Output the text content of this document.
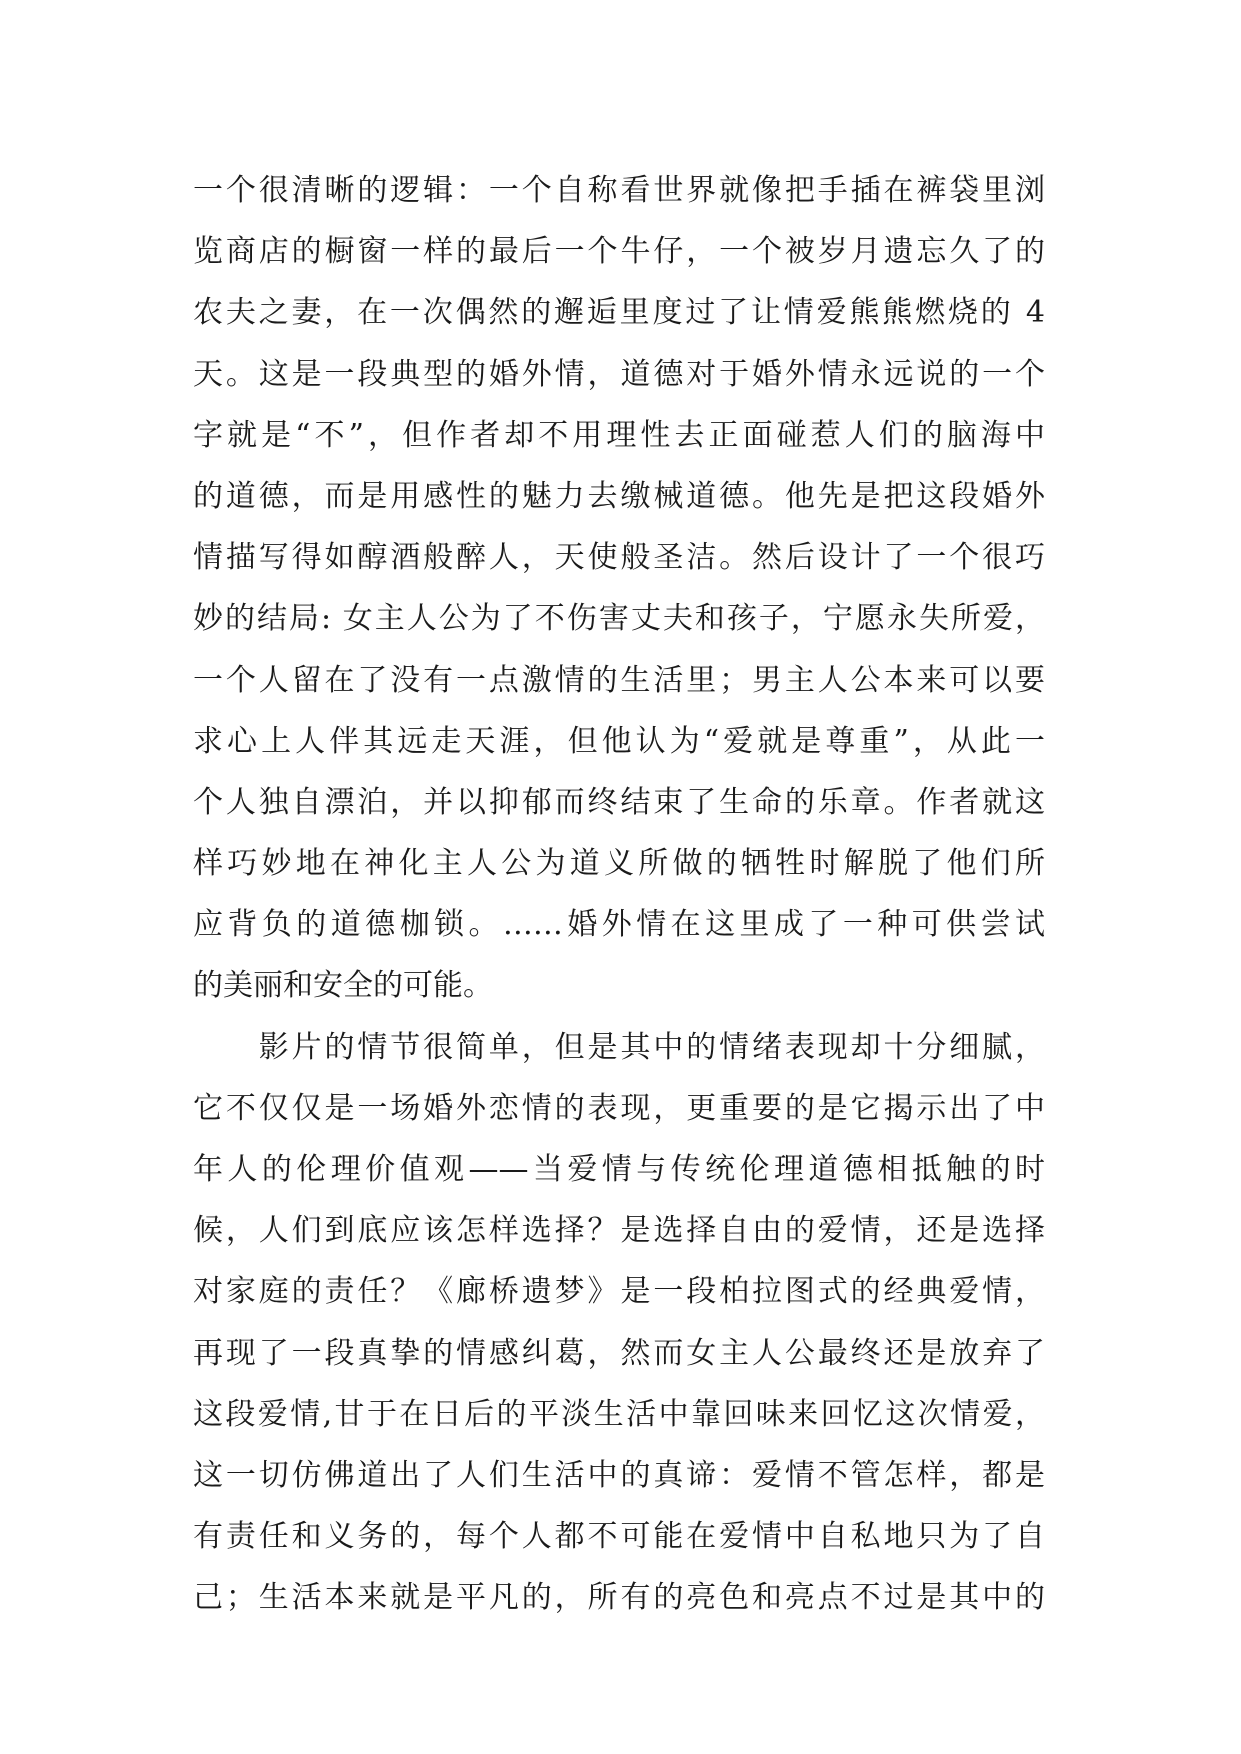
一个很清晰的逻辑：一个自称看世界就像把手插在裤袋里浏
览商店的橱窗一样的最后一个牛仔，一个被岁月遗忘久了的
农夫之妻，在一次偶然的邂逅里度过了让情爱熊熊燃烧的 4
天。这是一段典型的婚外情，道德对于婚外情永远说的一个
字就是“不”，但作者却不用理性去正面碰惹人们的脑海中
的道德，而是用感性的魅力去缴械道德。他先是把这段婚外
情描写得如醇酒般醉人，天使般圣洁。然后设计了一个很巧
妙的结局: 女主人公为了不伤害丈夫和孩子，宁愿永失所爱，
一个人留在了没有一点激情的生活里；男主人公本来可以要
求心上人伴其远走天涯，但他认为“爱就是尊重”，从此一
个人独自漂泊，并以抑郁而终结束了生命的乐章。作者就这
样巧妙地在神化主人公为道义所做的牺牲时解脱了他们所
应背负的道德枷锁。……婚外情在这里成了一种可供尝试
的美丽和安全的可能。
　　影片的情节很简单，但是其中的情绪表现却十分细腻，
它不仅仅是一场婚外恋情的表现，更重要的是它揭示出了中
年人的伦理价值观——当爱情与传统伦理道德相抵触的时
候，人们到底应该怎样选择？是选择自由的爱情，还是选择
对家庭的责任？《廊桥遗梦》是一段柏拉图式的经典爱情，
再现了一段真挚的情感纠葛，然而女主人公最终还是放弃了
这段爱情,甘于在日后的平淡生活中靠回味来回忆这次情爱，
这一切仿佛道出了人们生活中的真谛：爱情不管怎样，都是
有责任和义务的，每个人都不可能在爱情中自私地只为了自
己；生活本来就是平凡的，所有的亮色和亮点不过是其中的
